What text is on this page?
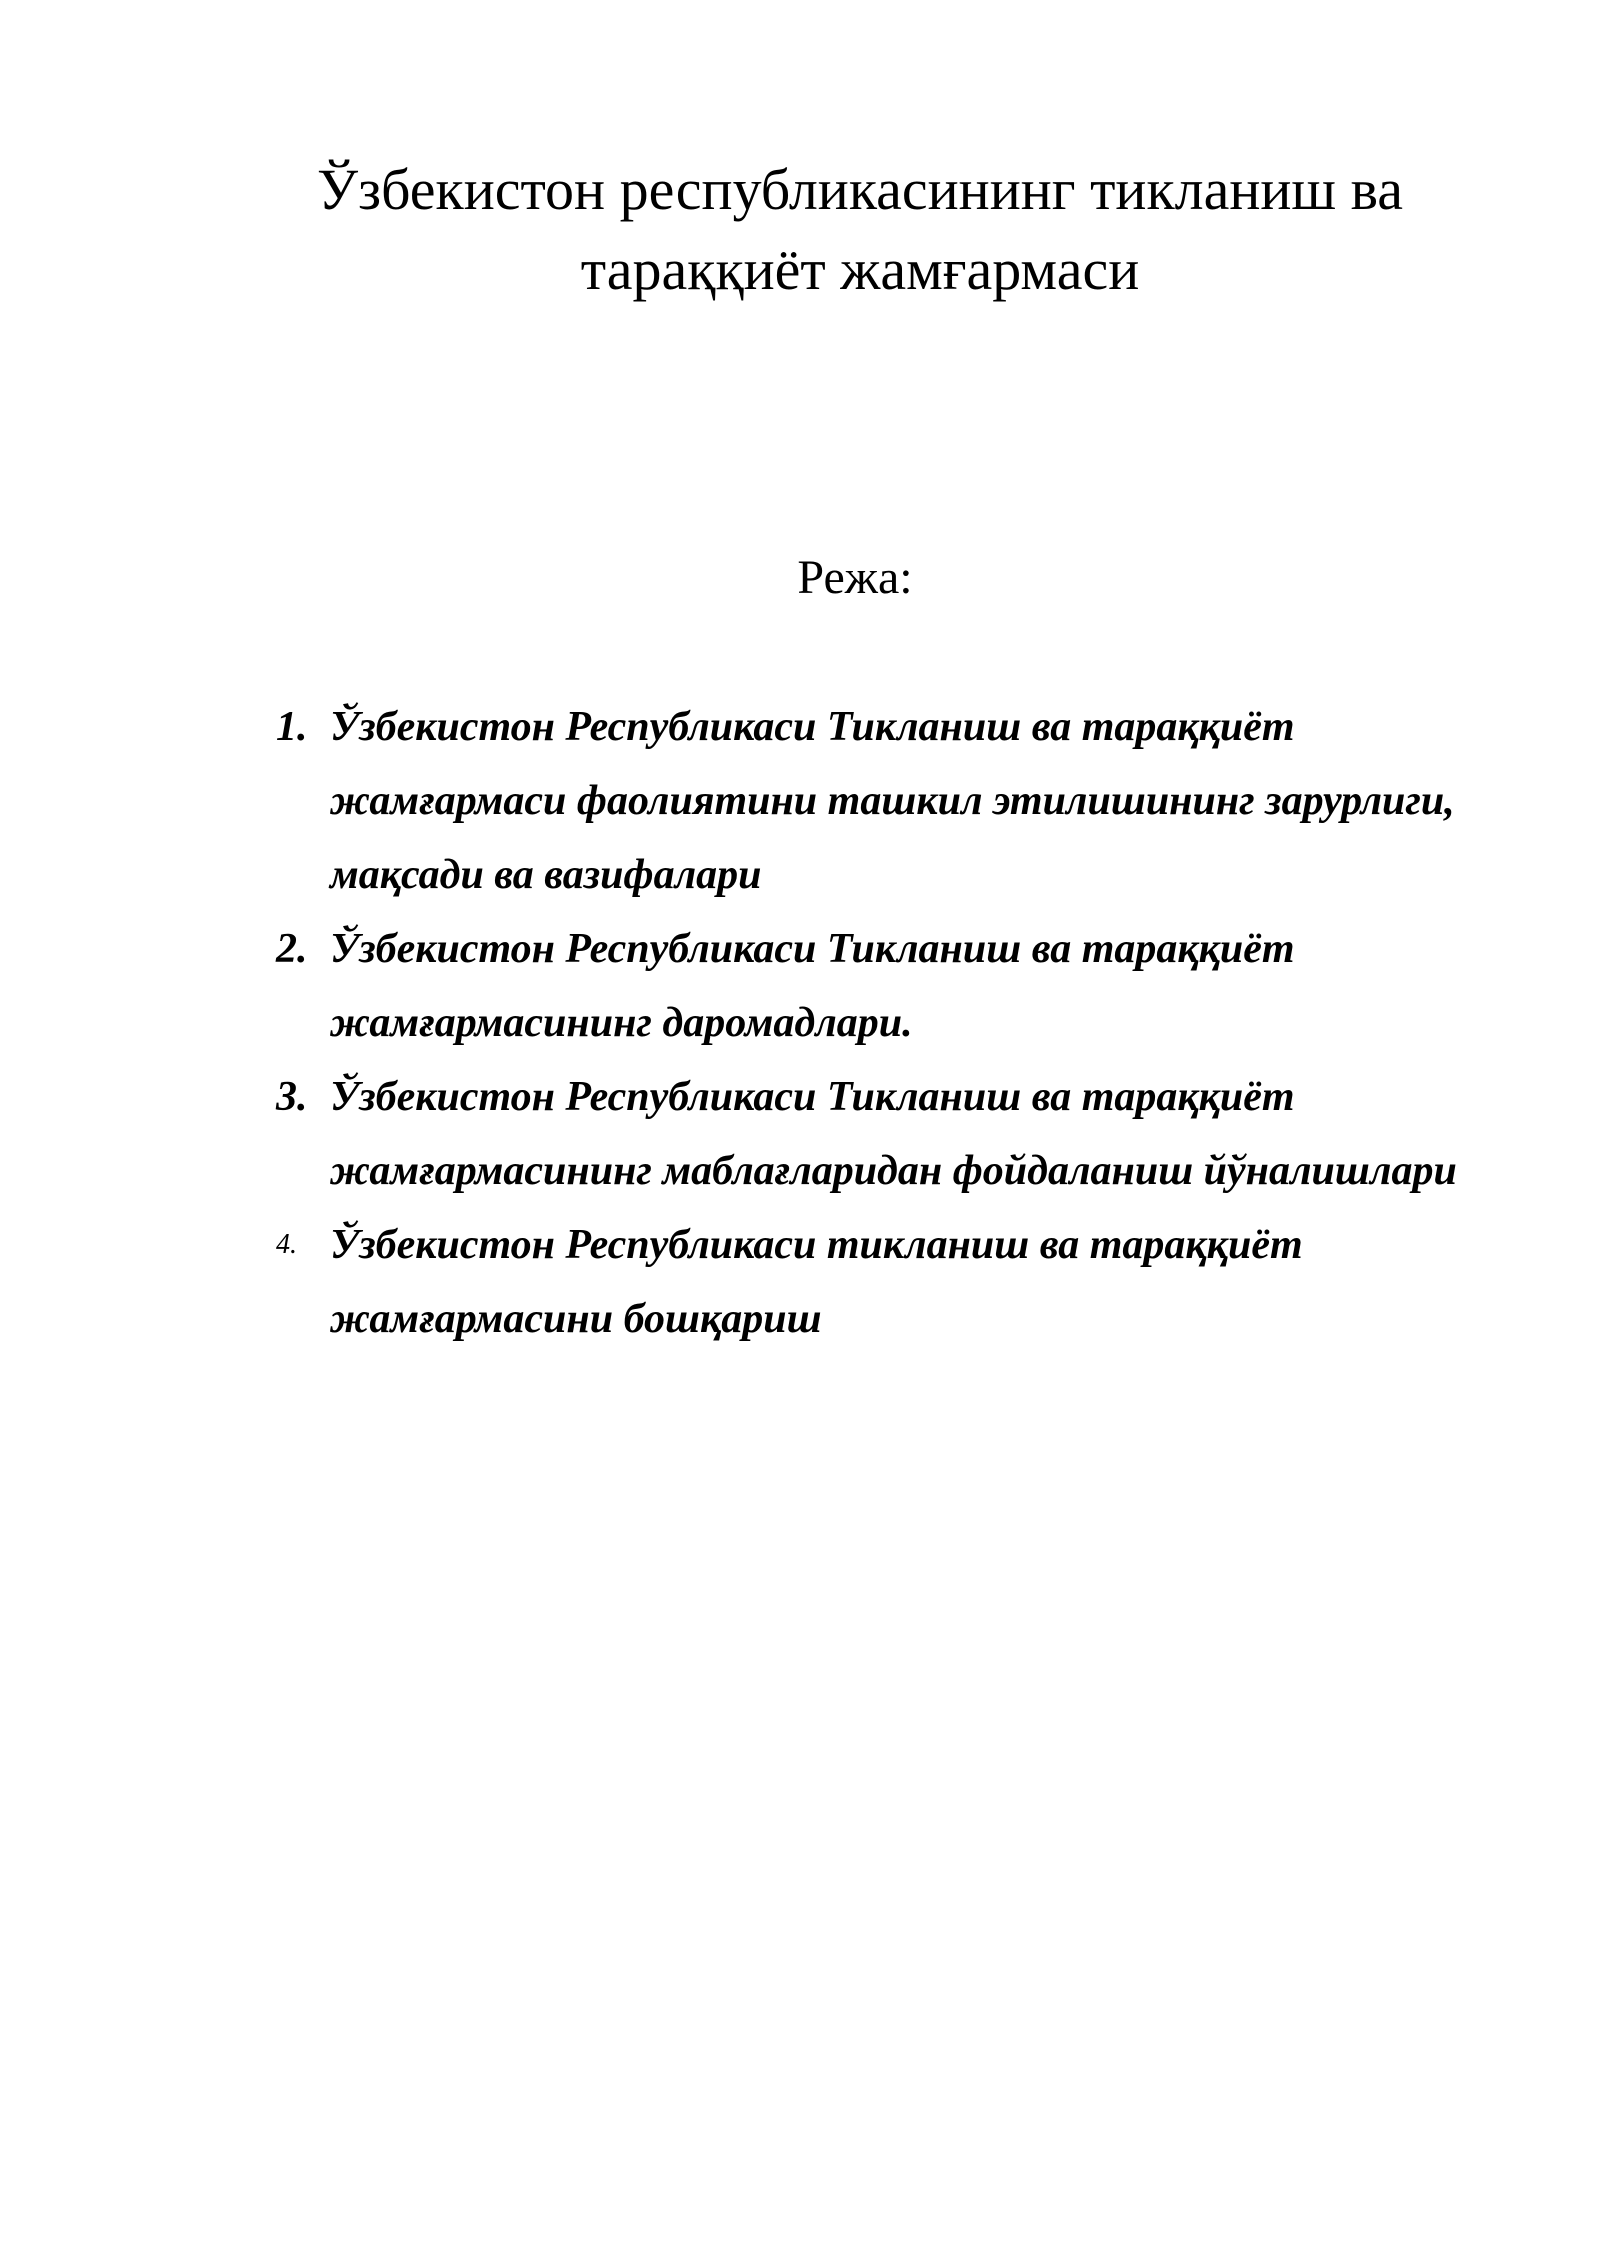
Ўзбекистон республикасининг тикланиш ва
тараққиёт жамғармаси
Режа:
1. Ўзбекистон Республикаси Тикланиш ва тараққиёт жамғармаси фаолиятини ташкил этилишининг зарурлиги, мақсади ва вазифалари
2. Ўзбекистон Республикаси Тикланиш ва тараққиёт жамғармасининг даромадлари.
3. Ўзбекистон Республикаси Тикланиш ва тараққиёт жамғармасининг маблағларидан фойдаланиш йўналишлари
4. Ўзбекистон Республикаси тикланиш ва тараққиёт жамғармасини бошқариш
